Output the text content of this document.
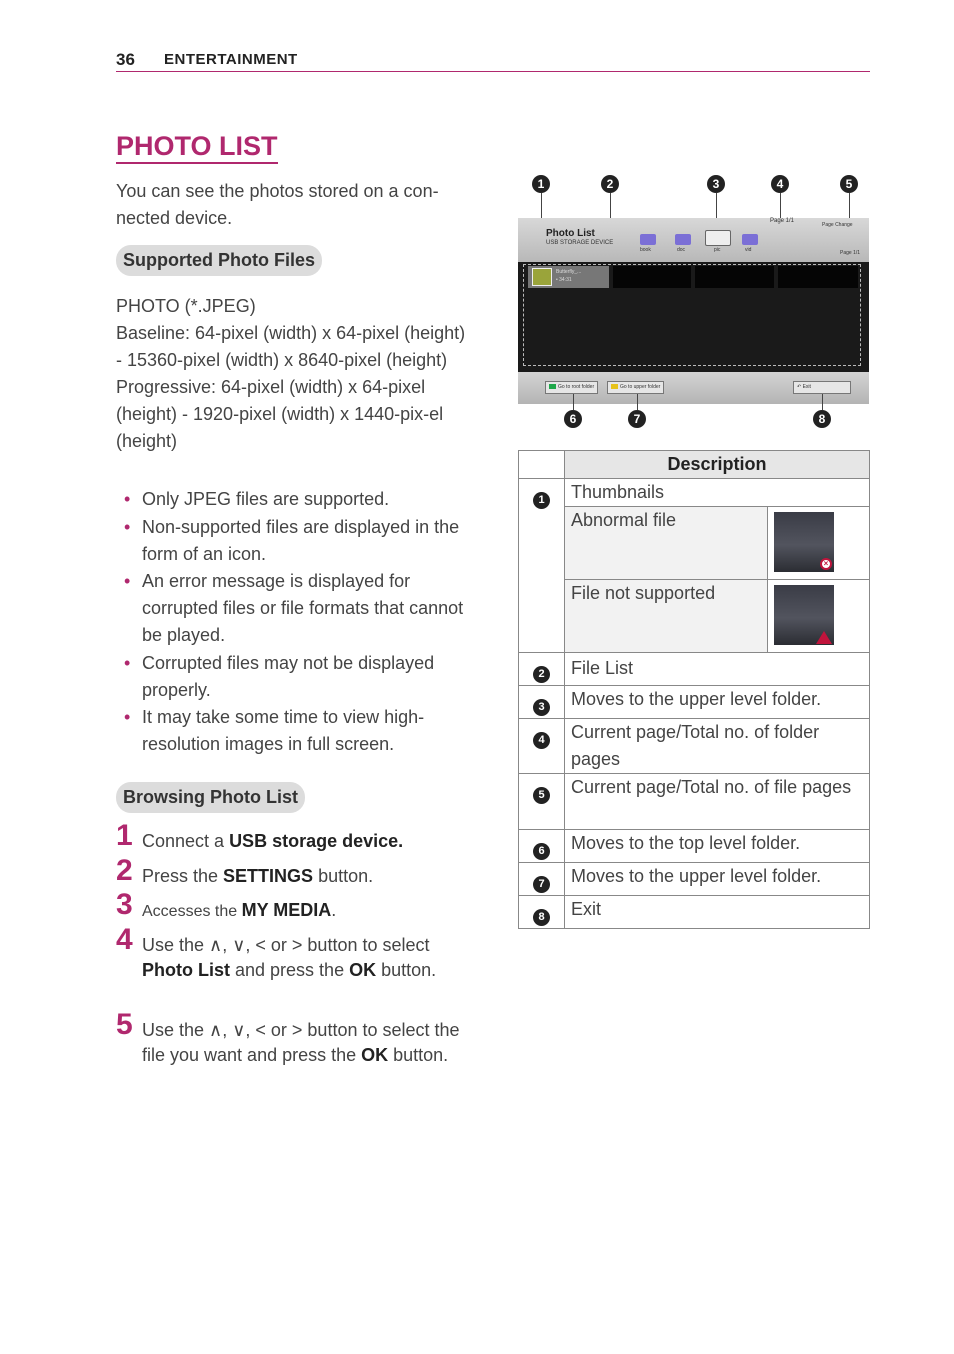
36 ENTERTAINMENT
PHOTO LIST
You can see the photos stored on a con-nected device.
Supported Photo Files
PHOTO (*.JPEG)
Baseline: 64-pixel (width) x 64-pixel (height) - 15360-pixel (width) x 8640-pixel (height)
Progressive: 64-pixel (width) x 64-pixel (height) - 1920-pixel (width) x 1440-pix-el (height)
• Only JPEG files are supported.
• Non-supported files are displayed in the form of an icon.
• An error message is displayed for corrupted files or file formats that cannot be played.
• Corrupted files may not be displayed properly.
• It may take some time to view high-resolution images in full screen.
Browsing Photo List
1 Connect a USB storage device.
2 Press the SETTINGS button.
3 Accesses the MY MEDIA.
4 Use the ∧, ∨, < or > button to select Photo List and press the OK button.
5 Use the ∧, ∨, < or > button to select the file you want and press the OK button.
1	2	3	4	5
Photo List
USB STORAGE DEVICE
book	doc	pic	vid
Page 1/1
Page Change
Page 1/1
Butterfly_...
• 34:31
Go to root folder	Go to upper folder	↶ Exit
6	7	8
	Description	
1	Thumbnails	
	Abnormal file	×

	File not supported	

2	File List	
3	Moves to the upper level folder.	
4	Current page/Total no. of folder pages	
5	Current page/Total no. of file pages	
6	Moves to the top level folder.	
7	Moves to the upper level folder.	
8	Exit	
